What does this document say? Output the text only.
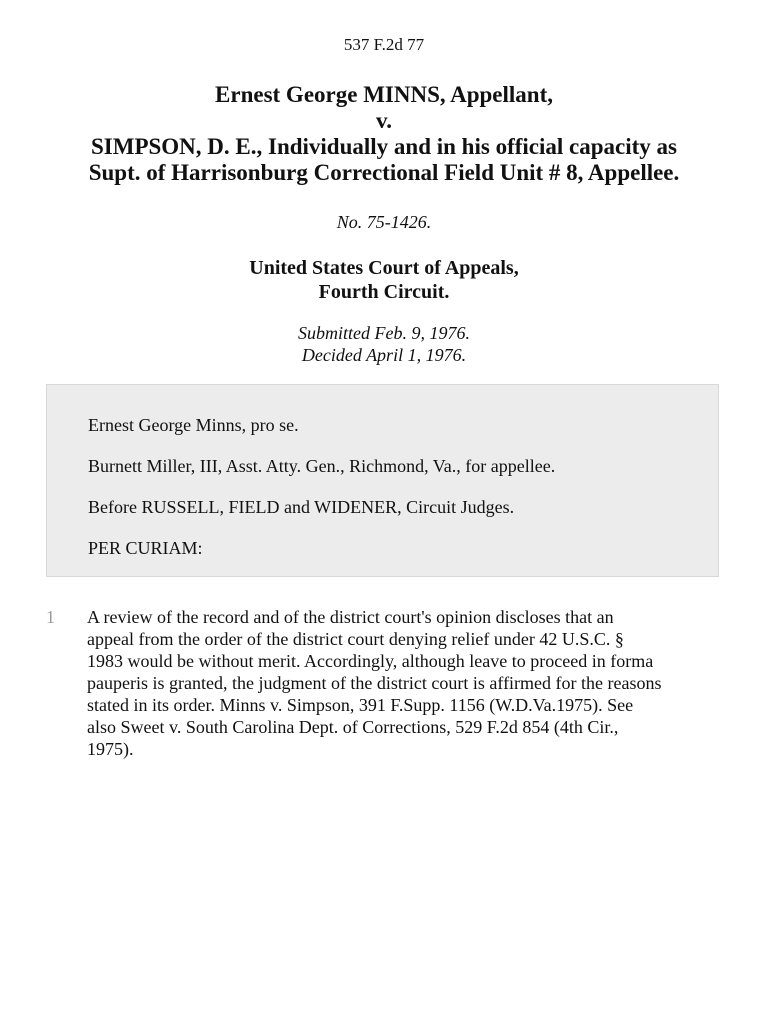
537 F.2d 77
Ernest George MINNS, Appellant,
v.
SIMPSON, D. E., Individually and in his official capacity as
Supt. of Harrisonburg Correctional Field Unit # 8, Appellee.
No. 75-1426.
United States Court of Appeals,
Fourth Circuit.
Submitted Feb. 9, 1976.
Decided April 1, 1976.

Ernest George Minns, pro se.

Burnett Miller, III, Asst. Atty. Gen., Richmond, Va., for appellee.

Before RUSSELL, FIELD and WIDENER, Circuit Judges.

PER CURIAM:

1 A review of the record and of the district court's opinion discloses that an
appeal from the order of the district court denying relief under 42 U.S.C. §
1983 would be without merit. Accordingly, although leave to proceed in forma
pauperis is granted, the judgment of the district court is affirmed for the reasons
stated in its order. Minns v. Simpson, 391 F.Supp. 1156 (W.D.Va.1975). See
also Sweet v. South Carolina Dept. of Corrections, 529 F.2d 854 (4th Cir.,
1975).
